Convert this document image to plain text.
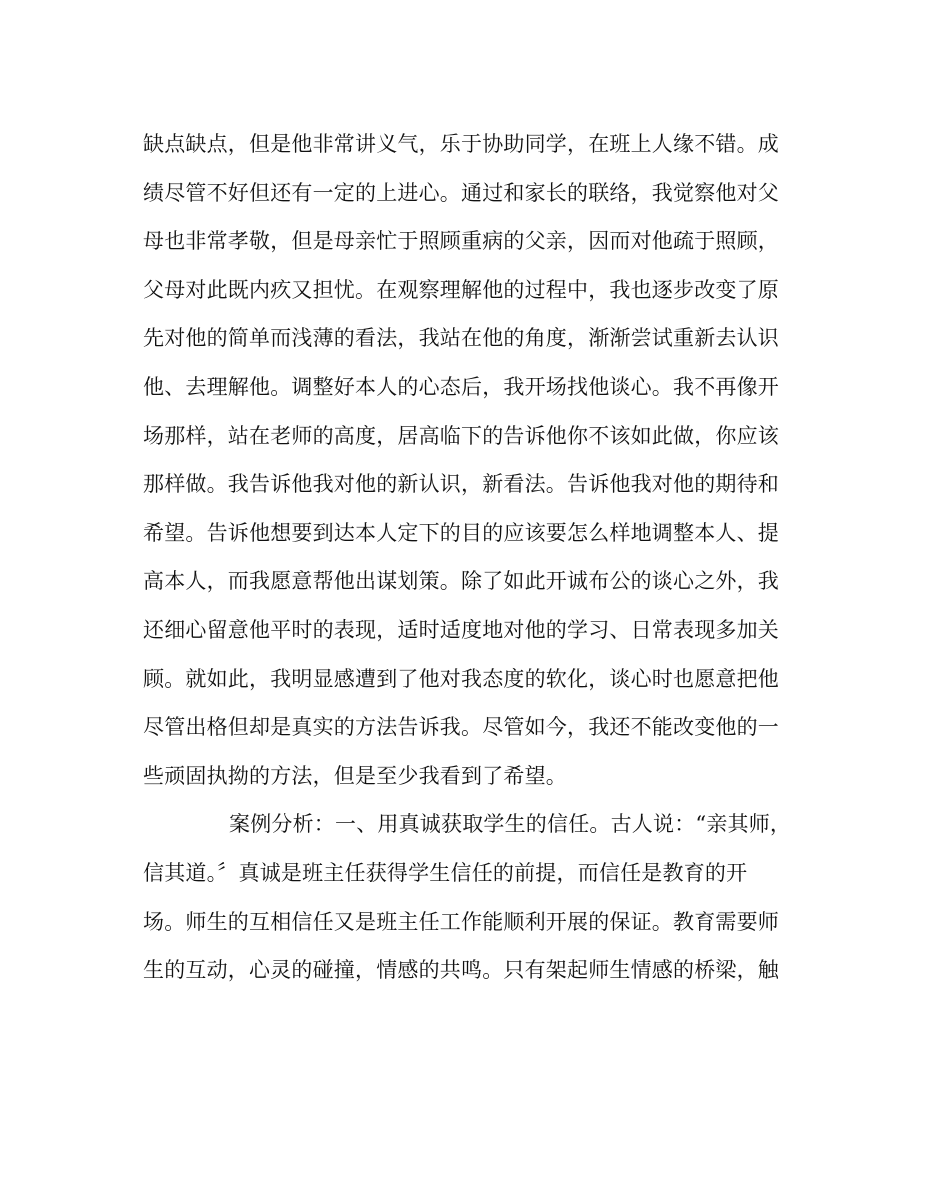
缺点缺点，但是他非常讲义气，乐于协助同学，在班上人缘不错。成
绩尽管不好但还有一定的上进心。通过和家长的联络，我觉察他对父
母也非常孝敬，但是母亲忙于照顾重病的父亲，因而对他疏于照顾，
父母对此既内疚又担忧。在观察理解他的过程中，我也逐步改变了原
先对他的简单而浅薄的看法，我站在他的角度，渐渐尝试重新去认识
他、去理解他。调整好本人的心态后，我开场找他谈心。我不再像开
场那样，站在老师的高度，居高临下的告诉他你不该如此做，你应该
那样做。我告诉他我对他的新认识，新看法。告诉他我对他的期待和
希望。告诉他想要到达本人定下的目的应该要怎么样地调整本人、提
高本人，而我愿意帮他出谋划策。除了如此开诚布公的谈心之外，我
还细心留意他平时的表现，适时适度地对他的学习、日常表现多加关
顾。就如此，我明显感遭到了他对我态度的软化，谈心时也愿意把他
尽管出格但却是真实的方法告诉我。尽管如今，我还不能改变他的一
些顽固执拗的方法，但是至少我看到了希望。
案例分析：一、用真诚获取学生的信任。古人说：“亲其师，
信其道。〞真诚是班主任获得学生信任的前提，而信任是教育的开
场。师生的互相信任又是班主任工作能顺利开展的保证。教育需要师
生的互动，心灵的碰撞，情感的共鸣。只有架起师生情感的桥梁，触
